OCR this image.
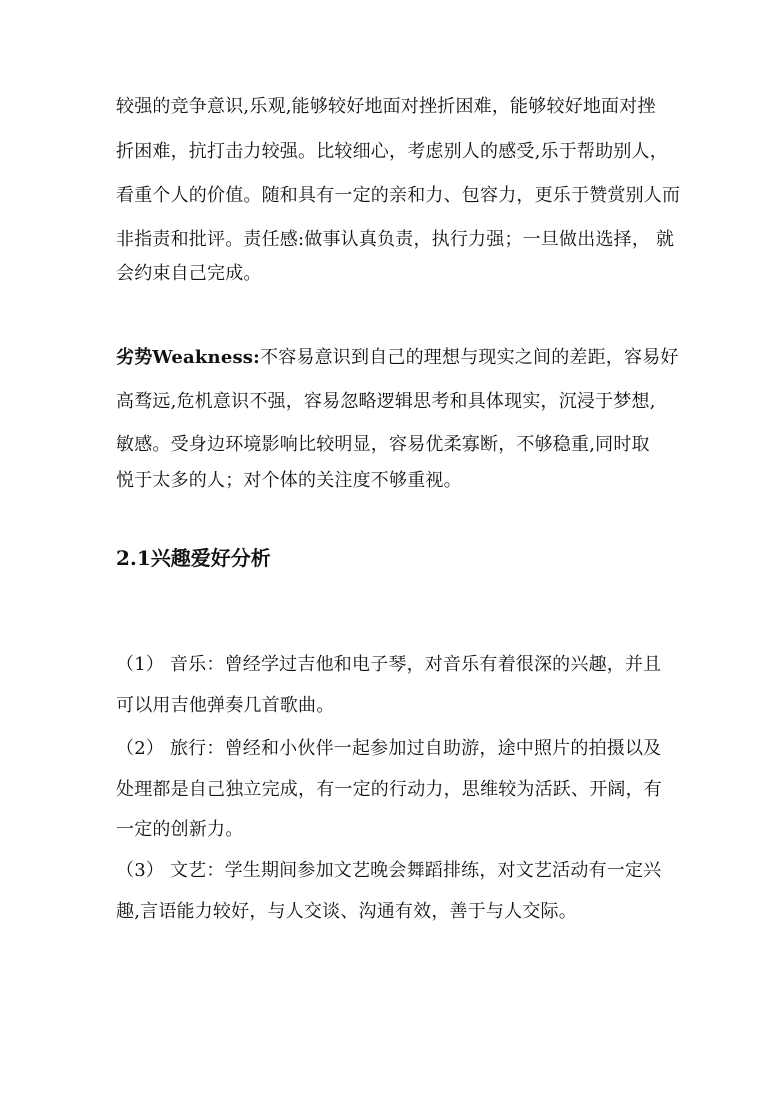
较强的竞争意识,乐观,能够较好地面对挫折困难，能够较好地面对挫
折困难，抗打击力较强。比较细心，考虑别人的感受,乐于帮助别人，
看重个人的价值。随和具有一定的亲和力、包容力，更乐于赞赏别人而
非指责和批评。责任感:做事认真负责，执行力强；一旦做出选择， 就
会约束自己完成。
劣势Weakness:不容易意识到自己的理想与现实之间的差距，容易好
高骛远,危机意识不强，容易忽略逻辑思考和具体现实，沉浸于梦想,
敏感。受身边环境影响比较明显，容易优柔寡断，不够稳重,同时取
悦于太多的人；对个体的关注度不够重视。
2.1兴趣爱好分析
（1） 音乐：曾经学过吉他和电子琴，对音乐有着很深的兴趣，并且
可以用吉他弹奏几首歌曲。
（2） 旅行：曾经和小伙伴一起参加过自助游，途中照片的拍摄以及
处理都是自己独立完成，有一定的行动力，思维较为活跃、开阔，有
一定的创新力。
（3） 文艺：学生期间参加文艺晚会舞蹈排练，对文艺活动有一定兴
趣,言语能力较好，与人交谈、沟通有效，善于与人交际。
